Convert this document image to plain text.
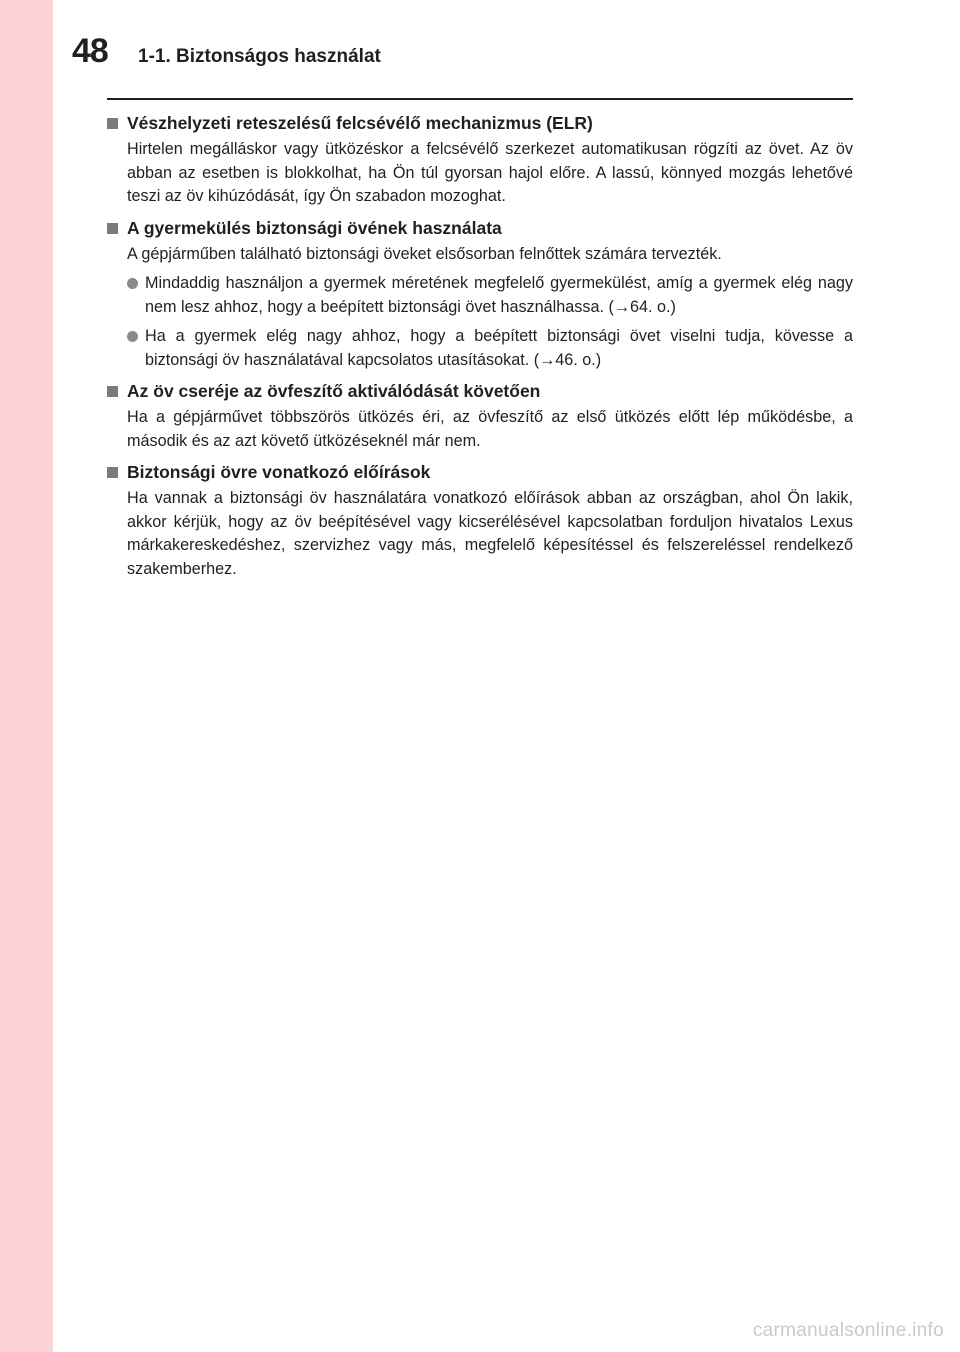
48 1-1. Biztonságos használat
Vészhelyzeti reteszelésű felcsévélő mechanizmus (ELR)
Hirtelen megálláskor vagy ütközéskor a felcsévélő szerkezet automatikusan rögzíti az övet. Az öv abban az esetben is blokkolhat, ha Ön túl gyorsan hajol előre. A lassú, könnyed mozgás lehetővé teszi az öv kihúzódását, így Ön szabadon mozoghat.
A gyermekülés biztonsági övének használata
A gépjárműben található biztonsági öveket elsősorban felnőttek számára tervezték.
Mindaddig használjon a gyermek méretének megfelelő gyermekülést, amíg a gyermek elég nagy nem lesz ahhoz, hogy a beépített biztonsági övet használhassa. (→64. o.)
Ha a gyermek elég nagy ahhoz, hogy a beépített biztonsági övet viselni tudja, kövesse a biztonsági öv használatával kapcsolatos utasításokat. (→46. o.)
Az öv cseréje az övfeszítő aktiválódását követően
Ha a gépjárművet többszörös ütközés éri, az övfeszítő az első ütközés előtt lép működésbe, a második és az azt követő ütközéseknél már nem.
Biztonsági övre vonatkozó előírások
Ha vannak a biztonsági öv használatára vonatkozó előírások abban az országban, ahol Ön lakik, akkor kérjük, hogy az öv beépítésével vagy kicserélésével kapcsolatban forduljon hivatalos Lexus márkakereskedéshez, szervizhez vagy más, megfelelő képesítéssel és felszereléssel rendelkező szakemberhez.
carmanualsonline.info
